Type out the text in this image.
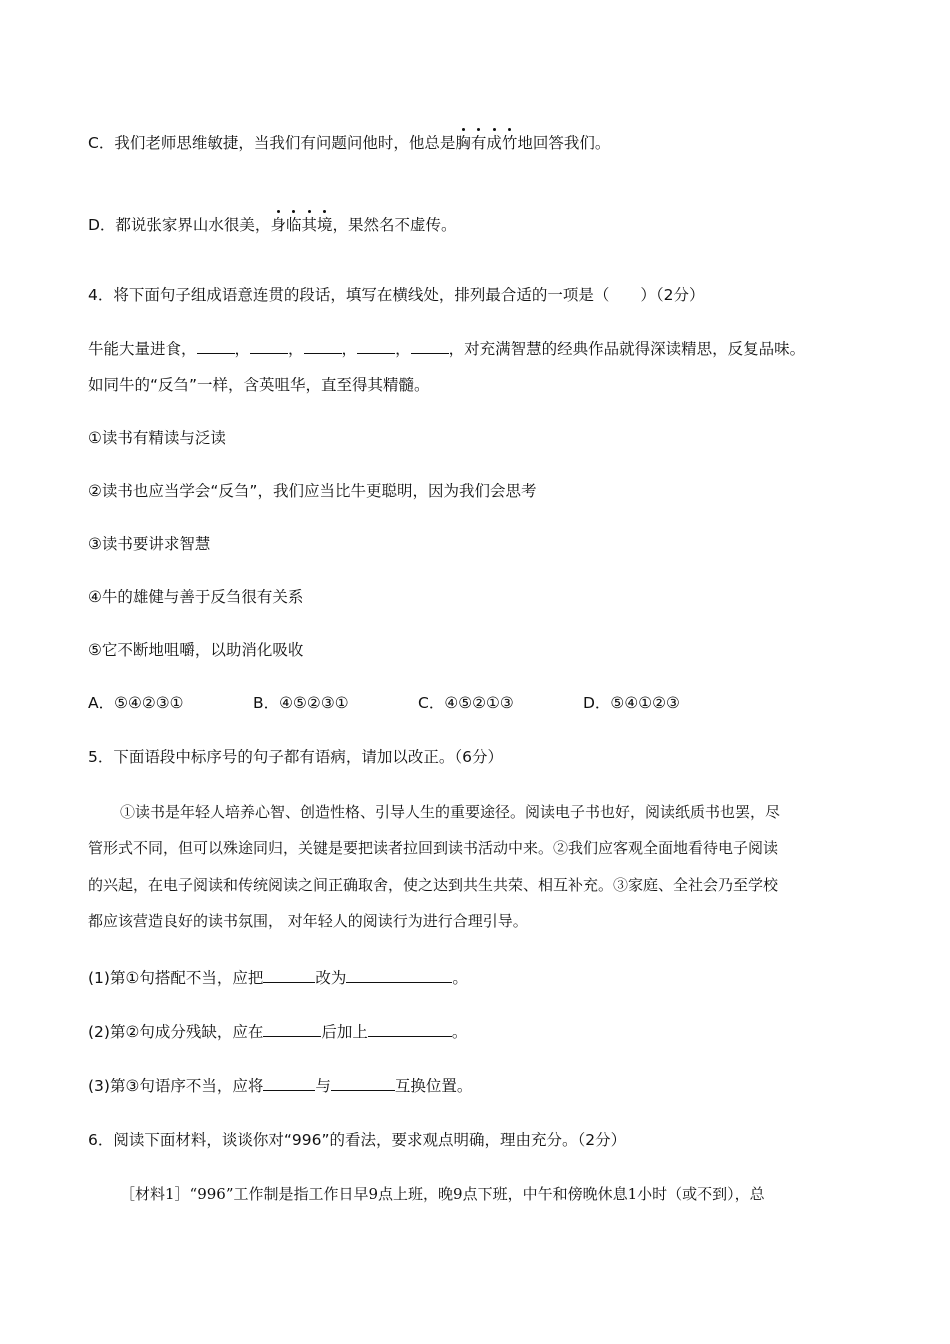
C．我们老师思维敏捷，当我们有问题问他时，他总是胸有成竹地回答我们。
D．都说张家界山水很美，身临其境，果然名不虚传。
4．将下面句子组成语意连贯的段话，填写在横线处，排列最合适的一项是（　　）（2分）
牛能大量进食， ， ， ， ， ，对充满智慧的经典作品就得深读精思，反复品味。
如同牛的“反刍”一样，含英咀华，直至得其精髓。
①读书有精读与泛读
②读书也应当学会“反刍”，我们应当比牛更聪明，因为我们会思考
③读书要讲求智慧
④牛的雄健与善于反刍很有关系
⑤它不断地咀嚼，以助消化吸收
A．⑤④②③①	B．④⑤②③①	C．④⑤②①③	D．⑤④①②③
5．下面语段中标序号的句子都有语病，请加以改正。（6分）
①读书是年轻人培养心智、创造性格、引导人生的重要途径。阅读电子书也好，阅读纸质书也罢，尽
管形式不同，但可以殊途同归，关键是要把读者拉回到读书活动中来。②我们应客观全面地看待电子阅读
的兴起，在电子阅读和传统阅读之间正确取舍，使之达到共生共荣、相互补充。③家庭、全社会乃至学校
都应该营造良好的读书氛围， 对年轻人的阅读行为进行合理引导。
(1)第①句搭配不当，应把	改为	。
(2)第②句成分残缺，应在	后加上	。
(3)第③句语序不当，应将	与	互换位置。
6．阅读下面材料，谈谈你对“996”的看法，要求观点明确，理由充分。（2分）
［材料1］“996”工作制是指工作日早9点上班，晚9点下班，中午和傍晚休息1小时（或不到），总
